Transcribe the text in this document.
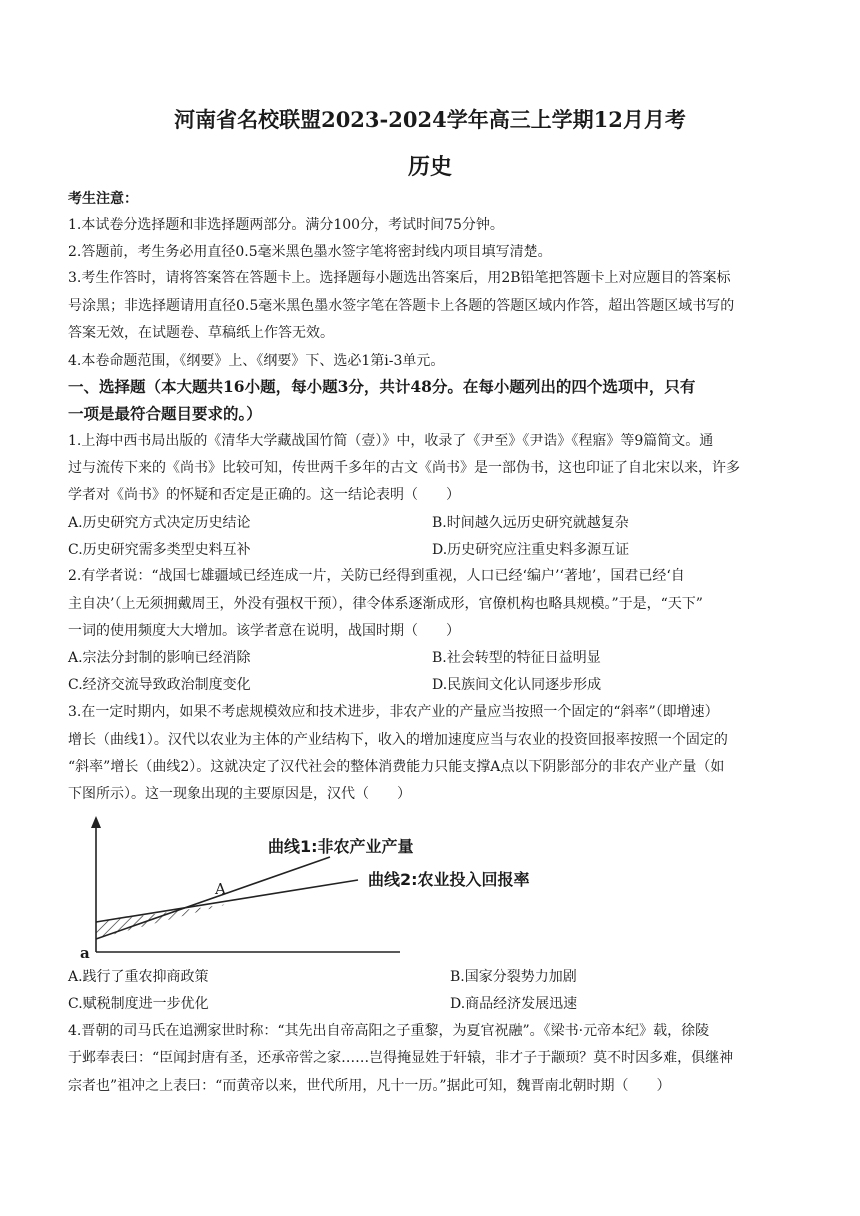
河南省名校联盟2023-2024学年高三上学期12月月考
历史
考生注意：
1.本试卷分选择题和非选择题两部分。满分100分，考试时间75分钟。
2.答题前，考生务必用直径0.5毫米黑色墨水签字笔将密封线内项目填写清楚。
3.考生作答时，请将答案答在答题卡上。选择题每小题选出答案后，用2B铅笔把答题卡上对应题目的答案标
号涂黑；非选择题请用直径0.5毫米黑色墨水签字笔在答题卡上各题的答题区域内作答，超出答题区域书写的
答案无效，在试题卷、草稿纸上作答无效。
4.本卷命题范围，《纲要》上、《纲要》下、选必1第i-3单元。
一、选择题（本大题共16小题，每小题3分，共计48分。在每小题列出的四个选项中，只有
一项是最符合题目要求的。）
1.上海中西书局出版的《清华大学藏战国竹简（壹）》中，收录了《尹至》《尹诰》《程寤》等9篇简文。通
过与流传下来的《尚书》比较可知，传世两千多年的古文《尚书》是一部伪书，这也印证了自北宋以来，许多
学者对《尚书》的怀疑和否定是正确的。这一结论表明（　　）
A.历史研究方式决定历史结论	B.时间越久远历史研究就越复杂
C.历史研究需多类型史料互补	D.历史研究应注重史料多源互证
2.有学者说：“战国七雄疆域已经连成一片，关防已经得到重视，人口已经‘编户’‘著地’，国君已经‘自
主自决’（上无须拥戴周王，外没有强权干预），律令体系逐渐成形，官僚机构也略具规模。”于是，“天下”
一词的使用频度大大增加。该学者意在说明，战国时期（　　）
A.宗法分封制的影响已经消除	B.社会转型的特征日益明显
C.经济交流导致政治制度变化	D.民族间文化认同逐步形成
3.在一定时期内，如果不考虑规模效应和技术进步，非农产业的产量应当按照一个固定的“斜率”（即增速）
增长（曲线1）。汉代以农业为主体的产业结构下，收入的增加速度应当与农业的投资回报率按照一个固定的
“斜率”增长（曲线2）。这就决定了汉代社会的整体消费能力只能支撑A点以下阴影部分的非农产业产量（如
下图所示）。这一现象出现的主要原因是，汉代（　　）
曲线1:非农产业产量
曲线2:农业投入回报率
A
a
A.践行了重农抑商政策	B.国家分裂势力加剧
C.赋税制度进一步优化	D.商品经济发展迅速
4.晋朝的司马氏在追溯家世时称：“其先出自帝高阳之子重黎，为夏官祝融”。《梁书·元帝本纪》载，徐陵
于邺奉表曰：“臣闻封唐有圣，还承帝喾之家……岂得掩显姓于轩辕，非才子于颛顼？莫不时因多难，俱继神
宗者也”祖冲之上表曰：“而黄帝以来，世代所用，凡十一历。”据此可知，魏晋南北朝时期（　　）
